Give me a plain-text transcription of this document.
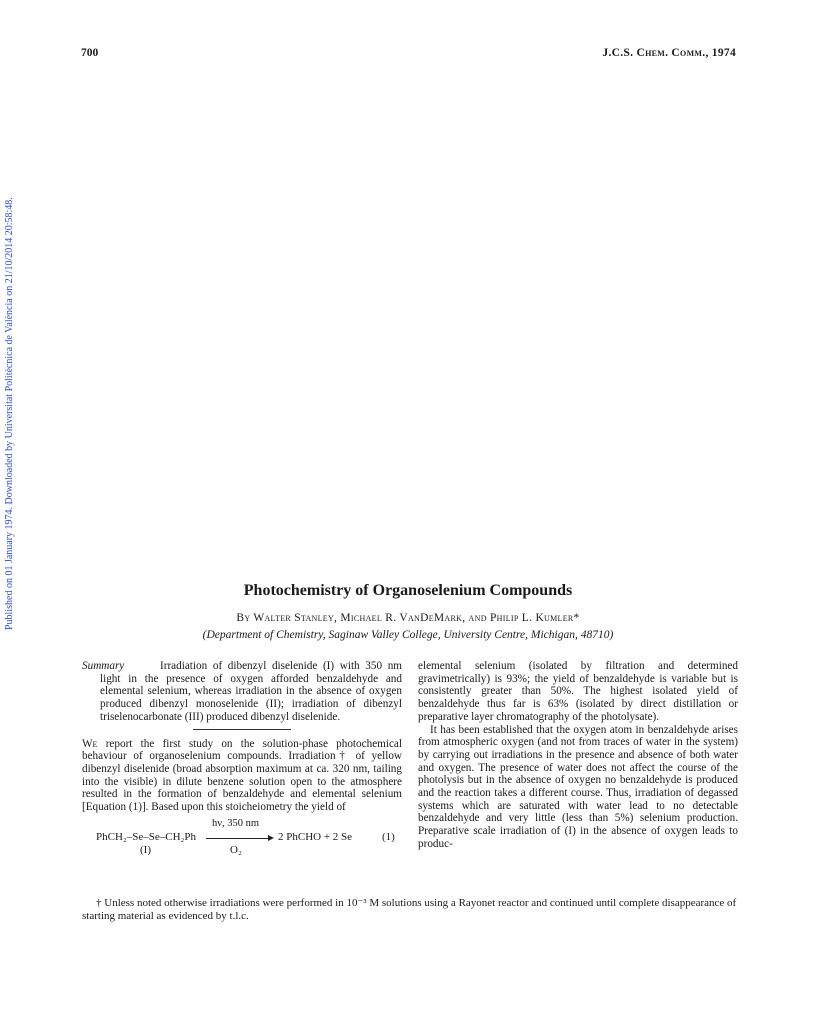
700	J.C.S. Chem. Comm., 1974
Published on 01 January 1974. Downloaded by Universitat Politècnica de València on 21/10/2014 20:58:48.	Photochemistry of Organoselenium Compounds
By Walter Stanley, Michael R. VanDeMark, and Philip L. Kumler*
(Department of Chemistry, Saginaw Valley College, University Centre, Michigan, 48710)

Summary	Irradiation of dibenzyl diselenide (I) with 350 nm light in the presence of oxygen afforded benzaldehyde and elemental selenium, whereas irradiation in the absence of oxygen produced dibenzyl monoselenide (II); irradiation of dibenzyl triselenocarbonate (III) produced dibenzyl diselenide.

We report the first study on the solution-phase photochemical behaviour of organoselenium compounds. Irradiation† of yellow dibenzyl diselenide (broad absorption maximum at ca. 320 nm, tailing into the visible) in dilute benzene solution open to the atmosphere resulted in the formation of benzaldehyde and elemental selenium [Equation (1)]. Based upon this stoicheiometry the yield of

PhCH₂–Se–Se–CH₂Ph
(I)
hν, 350 nm
O₂
2 PhCHO + 2 Se	(1)

elemental selenium (isolated by filtration and determined gravimetrically) is 93%; the yield of benzaldehyde is variable but is consistently greater than 50%. The highest isolated yield of benzaldehyde thus far is 63% (isolated by direct distillation or preparative layer chromatography of the photolysate).

It has been established that the oxygen atom in benzaldehyde arises from atmospheric oxygen (and not from traces of water in the system) by carrying out irradiations in the presence and absence of both water and oxygen. The presence of water does not affect the course of the photolysis but in the absence of oxygen no benzaldehyde is produced and the reaction takes a different course. Thus, irradiation of degassed systems which are saturated with water lead to no detectable benzaldehyde and very little (less than 5%) selenium production. Preparative scale irradiation of (I) in the absence of oxygen leads to produc-

† Unless noted otherwise irradiations were performed in 10⁻³ M solutions using a Rayonet reactor and continued until complete disappearance of starting material as evidenced by t.l.c.
